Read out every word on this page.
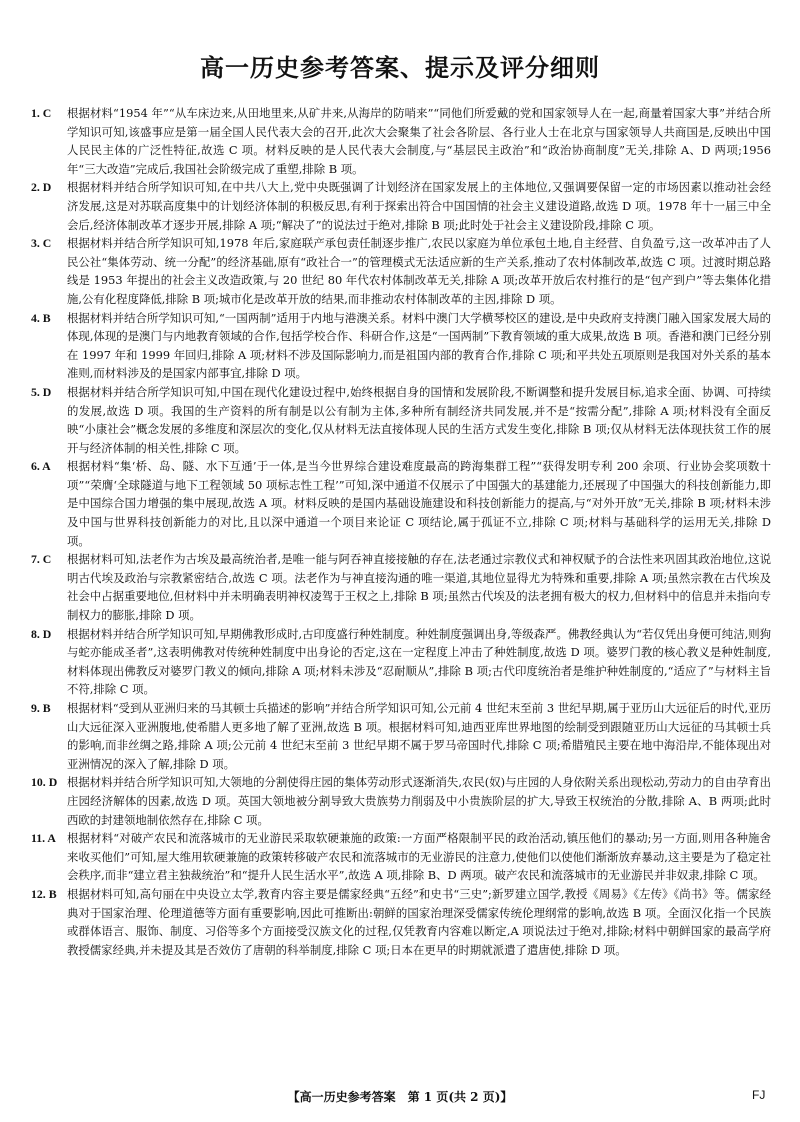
高一历史参考答案、提示及评分细则
1. C	根据材料“1954 年”“从车床边来,从田地里来,从矿井来,从海岸的防哨来”“同他们所爱戴的党和国家领导人在一起,商量着国家大事”并结合所学知识可知,该盛事应是第一届全国人民代表大会的召开,此次大会聚集了社会各阶层、各行业人士在北京与国家领导人共商国是,反映出中国人民民主体的广泛性特征,故选 C 项。材料反映的是人民代表大会制度,与“基层民主政治”和“政治协商制度”无关,排除 A、D 两项;1956 年“三大改造”完成后,我国社会阶级完成了重塑,排除 B 项。
2. D	根据材料并结合所学知识可知,在中共八大上,党中央既强调了计划经济在国家发展上的主体地位,又强调要保留一定的市场因素以推动社会经济发展,这是对苏联高度集中的计划经济体制的积极反思,有利于探索出符合中国国情的社会主义建设道路,故选 D 项。1978 年十一届三中全会后,经济体制改革才逐步开展,排除 A 项;“解决了”的说法过于绝对,排除 B 项;此时处于社会主义建设阶段,排除 C 项。
3. C	根据材料并结合所学知识可知,1978 年后,家庭联产承包责任制逐步推广,农民以家庭为单位承包土地,自主经营、自负盈亏,这一改革冲击了人民公社“集体劳动、统一分配”的经济基础,原有“政社合一”的管理模式无法适应新的生产关系,推动了农村体制改革,故选 C 项。过渡时期总路线是 1953 年提出的社会主义改造政策,与 20 世纪 80 年代农村体制改革无关,排除 A 项;改革开放后农村推行的是“包产到户”等去集体化措施,公有化程度降低,排除 B 项;城市化是改革开放的结果,而非推动农村体制改革的主因,排除 D 项。
4. B	根据材料并结合所学知识可知,“一国两制”适用于内地与港澳关系。材料中澳门大学横琴校区的建设,是中央政府支持澳门融入国家发展大局的体现,体现的是澳门与内地教育领域的合作,包括学校合作、科研合作,这是“一国两制”下教育领域的重大成果,故选 B 项。香港和澳门已经分别在 1997 年和 1999 年回归,排除 A 项;材料不涉及国际影响力,而是祖国内部的教育合作,排除 C 项;和平共处五项原则是我国对外关系的基本准则,而材料涉及的是国家内部事宜,排除 D 项。
5. D	根据材料并结合所学知识可知,中国在现代化建设过程中,始终根据自身的国情和发展阶段,不断调整和提升发展目标,追求全面、协调、可持续的发展,故选 D 项。我国的生产资料的所有制是以公有制为主体,多种所有制经济共同发展,并不是“按需分配”,排除 A 项;材料没有全面反映“小康社会”概念发展的多维度和深层次的变化,仅从材料无法直接体现人民的生活方式发生变化,排除 B 项;仅从材料无法体现扶贫工作的展开与经济体制的相关性,排除 C 项。
6. A	根据材料“集‘桥、岛、隧、水下互通’于一体,是当今世界综合建设难度最高的跨海集群工程”“获得发明专利 200 余项、行业协会奖项数十项”“荣膺‘全球隧道与地下工程领域 50 项标志性工程’”可知,深中通道不仅展示了中国强大的基建能力,还展现了中国强大的科技创新能力,即是中国综合国力增强的集中展现,故选 A 项。材料反映的是国内基础设施建设和科技创新能力的提高,与“对外开放”无关,排除 B 项;材料未涉及中国与世界科技创新能力的对比,且以深中通道一个项目来论证 C 项结论,属于孤证不立,排除 C 项;材料与基础科学的运用无关,排除 D 项。
7. C	根据材料可知,法老作为古埃及最高统治者,是唯一能与阿吞神直接接触的存在,法老通过宗教仪式和神权赋予的合法性来巩固其政治地位,这说明古代埃及政治与宗教紧密结合,故选 C 项。法老作为与神直接沟通的唯一渠道,其地位显得尤为特殊和重要,排除 A 项;虽然宗教在古代埃及社会中占据重要地位,但材料中并未明确表明神权凌驾于王权之上,排除 B 项;虽然古代埃及的法老拥有极大的权力,但材料中的信息并未指向专制权力的膨胀,排除 D 项。
8. D	根据材料并结合所学知识可知,早期佛教形成时,古印度盛行种姓制度。种姓制度强调出身,等级森严。佛教经典认为“若仅凭出身便可纯洁,则狗与蛇亦能成圣者”,这表明佛教对传统种姓制度中出身论的否定,这在一定程度上冲击了种姓制度,故选 D 项。婆罗门教的核心教义是种姓制度,材料体现出佛教反对婆罗门教义的倾向,排除 A 项;材料未涉及“忍耐顺从”,排除 B 项;古代印度统治者是维护种姓制度的,“适应了”与材料主旨不符,排除 C 项。
9. B	根据材料“受到从亚洲归来的马其顿士兵描述的影响”并结合所学知识可知,公元前 4 世纪末至前 3 世纪早期,属于亚历山大远征后的时代,亚历山大远征深入亚洲腹地,使希腊人更多地了解了亚洲,故选 B 项。根据材料可知,迪西亚库世界地图的绘制受到跟随亚历山大远征的马其顿士兵的影响,而非丝绸之路,排除 A 项;公元前 4 世纪末至前 3 世纪早期不属于罗马帝国时代,排除 C 项;希腊殖民主要在地中海沿岸,不能体现出对亚洲情况的深入了解,排除 D 项。
10. D 根据材料并结合所学知识可知,大领地的分割使得庄园的集体劳动形式逐渐消失,农民(奴)与庄园的人身依附关系出现松动,劳动力的自由孕育出庄园经济解体的因素,故选 D 项。英国大领地被分割导致大贵族势力削弱及中小贵族阶层的扩大,导致王权统治的分散,排除 A、B 两项;此时西欧的封建领地制依然存在,排除 C 项。
11. A 根据材料“对破产农民和流落城市的无业游民采取软硬兼施的政策:一方面严格限制平民的政治活动,镇压他们的暴动;另一方面,则用各种施舍来收买他们”可知,屋大维用软硬兼施的政策转移破产农民和流落城市的无业游民的注意力,使他们以使他们渐渐放弃暴动,这主要是为了稳定社会秩序,而非“建立君主独裁统治”和“提升人民生活水平”,故选 A 项,排除 B、D 两项。破产农民和流落城市的无业游民并非奴隶,排除 C 项。
12. B 根据材料可知,高句丽在中央设立太学,教育内容主要是儒家经典“五经”和史书“三史”;新罗建立国学,教授《周易》《左传》《尚书》等。儒家经典对于国家治理、伦理道德等方面有重要影响,因此可推断出:朝鲜的国家治理深受儒家传统伦理纲常的影响,故选 B 项。全面汉化指一个民族或群体语言、服饰、制度、习俗等多个方面接受汉族文化的过程,仅凭教育内容难以断定,A 项说法过于绝对,排除;材料中朝鲜国家的最高学府教授儒家经典,并未提及其是否效仿了唐朝的科举制度,排除 C 项;日本在更早的时期就派遣了遣唐使,排除 D 项。
【高一历史参考答案　第 1 页(共 2 页)】	FJ
